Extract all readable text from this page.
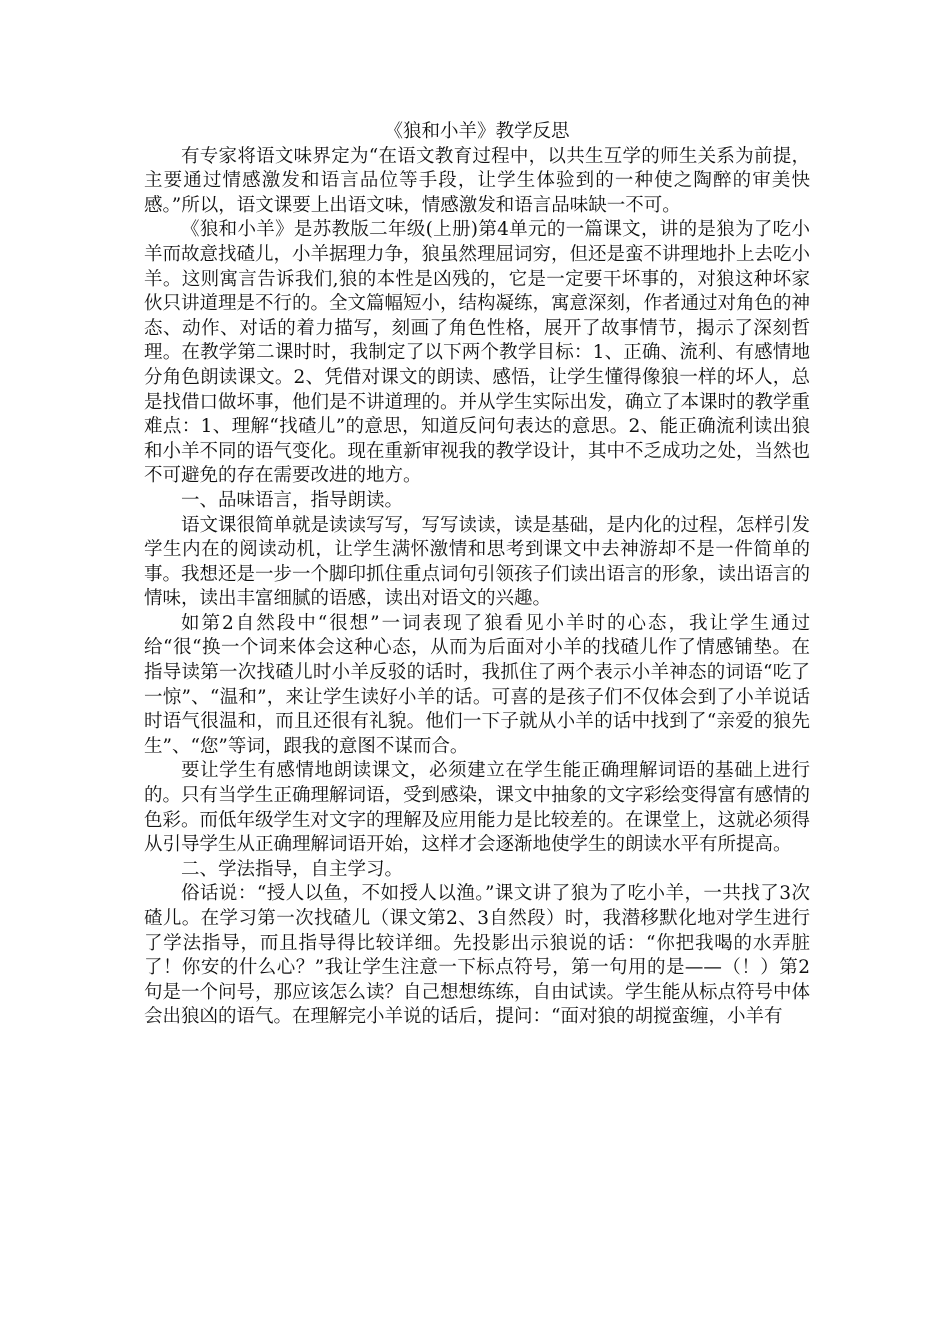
《狼和小羊》教学反思

有专家将语文味界定为“在语文教育过程中，以共生互学的师生关系为前提，主要通过情感激发和语言品位等手段，让学生体验到的一种使之陶醉的审美快感。”所以，语文课要上出语文味，情感激发和语言品味缺一不可。

《狼和小羊》是苏教版二年级(上册)第4单元的一篇课文，讲的是狼为了吃小羊而故意找碴儿，小羊据理力争，狼虽然理屈词穷，但还是蛮不讲理地扑上去吃小羊。这则寓言告诉我们,狼的本性是凶残的，它是一定要干坏事的，对狼这种坏家伙只讲道理是不行的。全文篇幅短小，结构凝练，寓意深刻，作者通过对角色的神态、动作、对话的着力描写，刻画了角色性格，展开了故事情节，揭示了深刻哲理。在教学第二课时时，我制定了以下两个教学目标：1、正确、流利、有感情地分角色朗读课文。2、凭借对课文的朗读、感悟，让学生懂得像狼一样的坏人，总是找借口做坏事，他们是不讲道理的。并从学生实际出发，确立了本课时的教学重难点：1、理解“找碴儿”的意思，知道反问句表达的意思。2、能正确流利读出狼和小羊不同的语气变化。现在重新审视我的教学设计，其中不乏成功之处，当然也不可避免的存在需要改进的地方。

一、品味语言，指导朗读。

语文课很简单就是读读写写，写写读读，读是基础，是内化的过程，怎样引发学生内在的阅读动机，让学生满怀激情和思考到课文中去神游却不是一件简单的事。我想还是一步一个脚印抓住重点词句引领孩子们读出语言的形象，读出语言的情味，读出丰富细腻的语感，读出对语文的兴趣。

如第2自然段中“很想”一词表现了狼看见小羊时的心态，我让学生通过给“很“换一个词来体会这种心态，从而为后面对小羊的找碴儿作了情感铺垫。在指导读第一次找碴儿时小羊反驳的话时，我抓住了两个表示小羊神态的词语“吃了一惊”、“温和”，来让学生读好小羊的话。可喜的是孩子们不仅体会到了小羊说话时语气很温和，而且还很有礼貌。他们一下子就从小羊的话中找到了“亲爱的狼先生”、“您”等词，跟我的意图不谋而合。

要让学生有感情地朗读课文，必须建立在学生能正确理解词语的基础上进行的。只有当学生正确理解词语，受到感染，课文中抽象的文字彩绘变得富有感情的色彩。而低年级学生对文字的理解及应用能力是比较差的。在课堂上，这就必须得从引导学生从正确理解词语开始，这样才会逐渐地使学生的朗读水平有所提高。

二、学法指导，自主学习。

俗话说：“授人以鱼，不如授人以渔。”课文讲了狼为了吃小羊，一共找了3次碴儿。在学习第一次找碴儿（课文第2、3自然段）时，我潜移默化地对学生进行了学法指导，而且指导得比较详细。先投影出示狼说的话：“你把我喝的水弄脏了！你安的什么心？”我让学生注意一下标点符号，第一句用的是——（！）第2句是一个问号，那应该怎么读？自己想想练练，自由试读。学生能从标点符号中体会出狼凶的语气。在理解完小羊说的话后，提问：“面对狼的胡搅蛮缠，小羊有
